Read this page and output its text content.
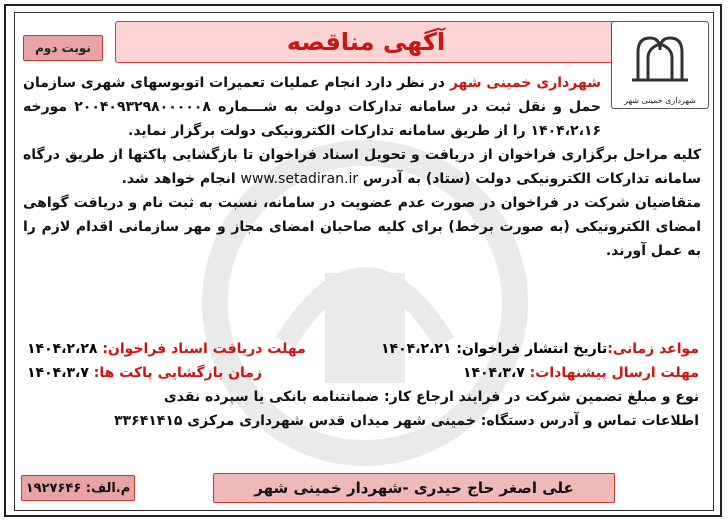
آگهی مناقصه
نوبت دوم
شهرداری خمینی شهر

شهرداری خمینی شهر در نظر دارد انجام عملیات تعمیرات اتوبوسهای شهری سازمان حمل و نقل ثبت در سامانه تدارکات دولت به شـــماره ۲۰۰۴۰۹۳۲۹۸۰۰۰۰۰۸ مورخه ۱۴۰۴،۲،۱۶ را از طریق سامانه تدارکات الکترونیکی دولت برگزار نماید.

کلیه مراحل برگزاری فراخوان از دریافت و تحویل اسناد فراخوان تا بازگشایی پاکتها از طریق درگاه سامانه تدارکات الکترونیکی دولت (ستاد) به آدرس www.setadiran.ir انجام خواهد شد.

متقاضیان شرکت در فراخوان در صورت عدم عضویت در سامانه، نسبت به ثبت نام و دریافت گواهی امضای الکترونیکی (به صورت برخط) برای کلیه صاحبان امضای مجاز و مهر سازمانی اقدام لازم را به عمل آورند.

مواعد زمانی:تاریخ انتشار فراخوان: ۱۴۰۴،۲،۲۱
مهلت دریافت اسناد فراخوان: ۱۴۰۴،۲،۲۸
مهلت ارسال پیشنهادات: ۱۴۰۴،۳،۷
زمان بازگشایی پاکت ها: ۱۴۰۴،۳،۷
نوع و مبلغ تضمین شرکت در فرایند ارجاع کار: ضمانتنامه بانکی یا سپرده نقدی
اطلاعات تماس و آدرس دستگاه: خمینی شهر میدان قدس شهرداری مرکزی ۳۳۶۴۱۴۱۵
علی اصغر حاج حیدری -شهردار خمینی شهر
م.الف: ۱۹۲۷۶۴۶
